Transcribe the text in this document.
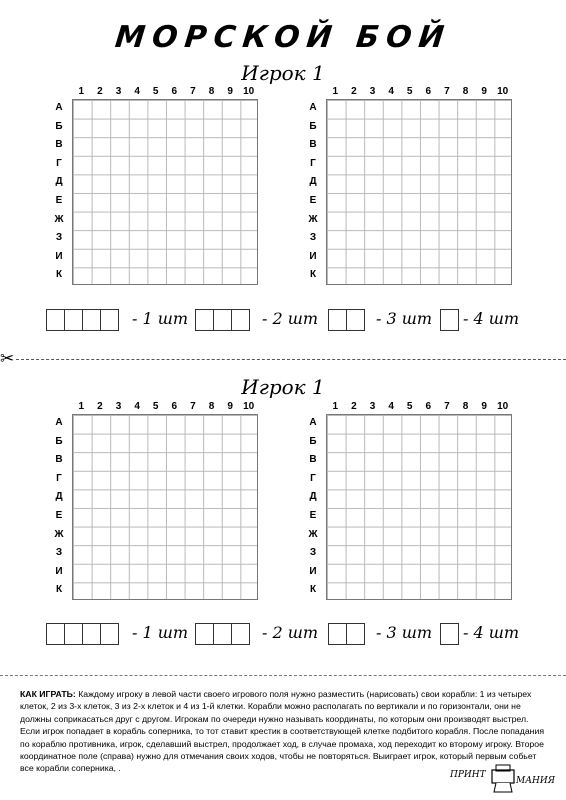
МОРСКОЙ БОЙ
Игрок 1
Игрок 1
1	2	3	4	5	6	7	8	9	10
А
Б
В
Г
Д
Е
Ж
З
И
К
1	2	3	4	5	6	7	8	9	10
А
Б
В
Г
Д
Е
Ж
З
И
К
1	2	3	4	5	6	7	8	9	10
А
Б
В
Г
Д
Е
Ж
З
И
К
1	2	3	4	5	6	7	8	9	10
А
Б
В
Г
Д
Е
Ж
З
И
К
- 1 шт	- 2 шт	- 3 шт - 4 шт
- 1 шт	- 2 шт	- 3 шт - 4 шт
✂
КАК ИГРАТЬ: Каждому игроку в левой части своего игрового поля нужно разместить (нарисовать) свои корабли: 1 из четырех клеток, 2 из 3-х клеток, 3 из 2-х клеток и 4 из 1-й клетки. Корабли можно располагать по вертикали и по горизонтали, они не должны соприкасаться друг с другом. Игрокам по очереди нужно называть координаты, по которым они производят выстрел. Если игрок попадает в корабль соперника, то тот ставит крестик в соответствующей клетке подбитого корабля. После попадания по кораблю противника, игрок, сделавший выстрел, продолжает ход, в случае промаха, ход переходит ко второму игроку. Второе координатное поле (справа) нужно для отмечания своих ходов, чтобы не повторяться. Выиграет игрок, который первым собьет все корабли соперника, .
ПРИНТ
МАНИЯ
